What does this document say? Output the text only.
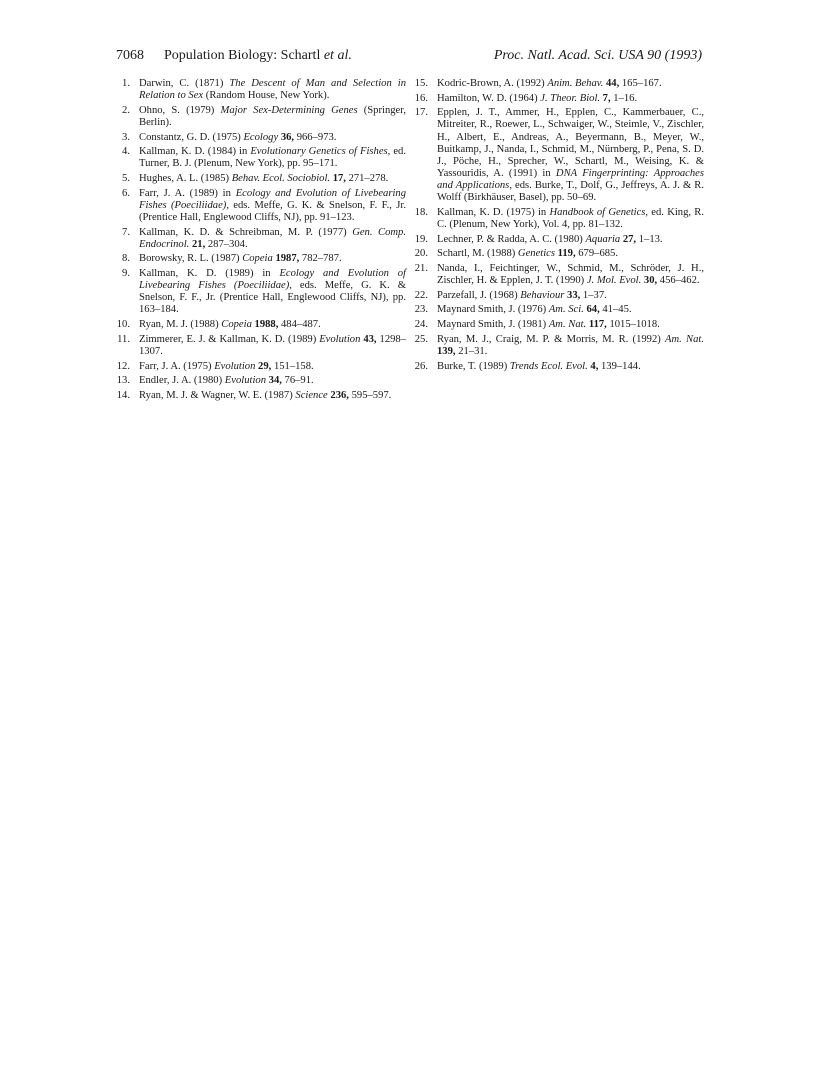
7068 Population Biology: Schartl et al.	Proc. Natl. Acad. Sci. USA 90 (1993)
1. Darwin, C. (1871) The Descent of Man and Selection in Relation to Sex (Random House, New York).
2. Ohno, S. (1979) Major Sex-Determining Genes (Springer, Berlin).
3. Constantz, G. D. (1975) Ecology 36, 966–973.
4. Kallman, K. D. (1984) in Evolutionary Genetics of Fishes, ed. Turner, B. J. (Plenum, New York), pp. 95–171.
5. Hughes, A. L. (1985) Behav. Ecol. Sociobiol. 17, 271–278.
6. Farr, J. A. (1989) in Ecology and Evolution of Livebearing Fishes (Poeciliidae), eds. Meffe, G. K. & Snelson, F. F., Jr. (Prentice Hall, Englewood Cliffs, NJ), pp. 91–123.
7. Kallman, K. D. & Schreibman, M. P. (1977) Gen. Comp. Endocrinol. 21, 287–304.
8. Borowsky, R. L. (1987) Copeia 1987, 782–787.
9. Kallman, K. D. (1989) in Ecology and Evolution of Livebearing Fishes (Poeciliidae), eds. Meffe, G. K. & Snelson, F. F., Jr. (Prentice Hall, Englewood Cliffs, NJ), pp. 163–184.
10. Ryan, M. J. (1988) Copeia 1988, 484–487.
11. Zimmerer, E. J. & Kallman, K. D. (1989) Evolution 43, 1298–1307.
12. Farr, J. A. (1975) Evolution 29, 151–158.
13. Endler, J. A. (1980) Evolution 34, 76–91.
14. Ryan, M. J. & Wagner, W. E. (1987) Science 236, 595–597.
15. Kodric-Brown, A. (1992) Anim. Behav. 44, 165–167.
16. Hamilton, W. D. (1964) J. Theor. Biol. 7, 1–16.
17. Epplen, J. T., Ammer, H., Epplen, C., Kammerbauer, C., Mitreiter, R., Roewer, L., Schwaiger, W., Steimle, V., Zischler, H., Albert, E., Andreas, A., Beyermann, B., Meyer, W., Buitkamp, J., Nanda, I., Schmid, M., Nürnberg, P., Pena, S. D. J., Pöche, H., Sprecher, W., Schartl, M., Weising, K. & Yassouridis, A. (1991) in DNA Fingerprinting: Approaches and Applications, eds. Burke, T., Dolf, G., Jeffreys, A. J. & R. Wolff (Birkhäuser, Basel), pp. 50–69.
18. Kallman, K. D. (1975) in Handbook of Genetics, ed. King, R. C. (Plenum, New York), Vol. 4, pp. 81–132.
19. Lechner, P. & Radda, A. C. (1980) Aquaria 27, 1–13.
20. Schartl, M. (1988) Genetics 119, 679–685.
21. Nanda, I., Feichtinger, W., Schmid, M., Schröder, J. H., Zischler, H. & Epplen, J. T. (1990) J. Mol. Evol. 30, 456–462.
22. Parzefall, J. (1968) Behaviour 33, 1–37.
23. Maynard Smith, J. (1976) Am. Sci. 64, 41–45.
24. Maynard Smith, J. (1981) Am. Nat. 117, 1015–1018.
25. Ryan, M. J., Craig, M. P. & Morris, M. R. (1992) Am. Nat. 139, 21–31.
26. Burke, T. (1989) Trends Ecol. Evol. 4, 139–144.
